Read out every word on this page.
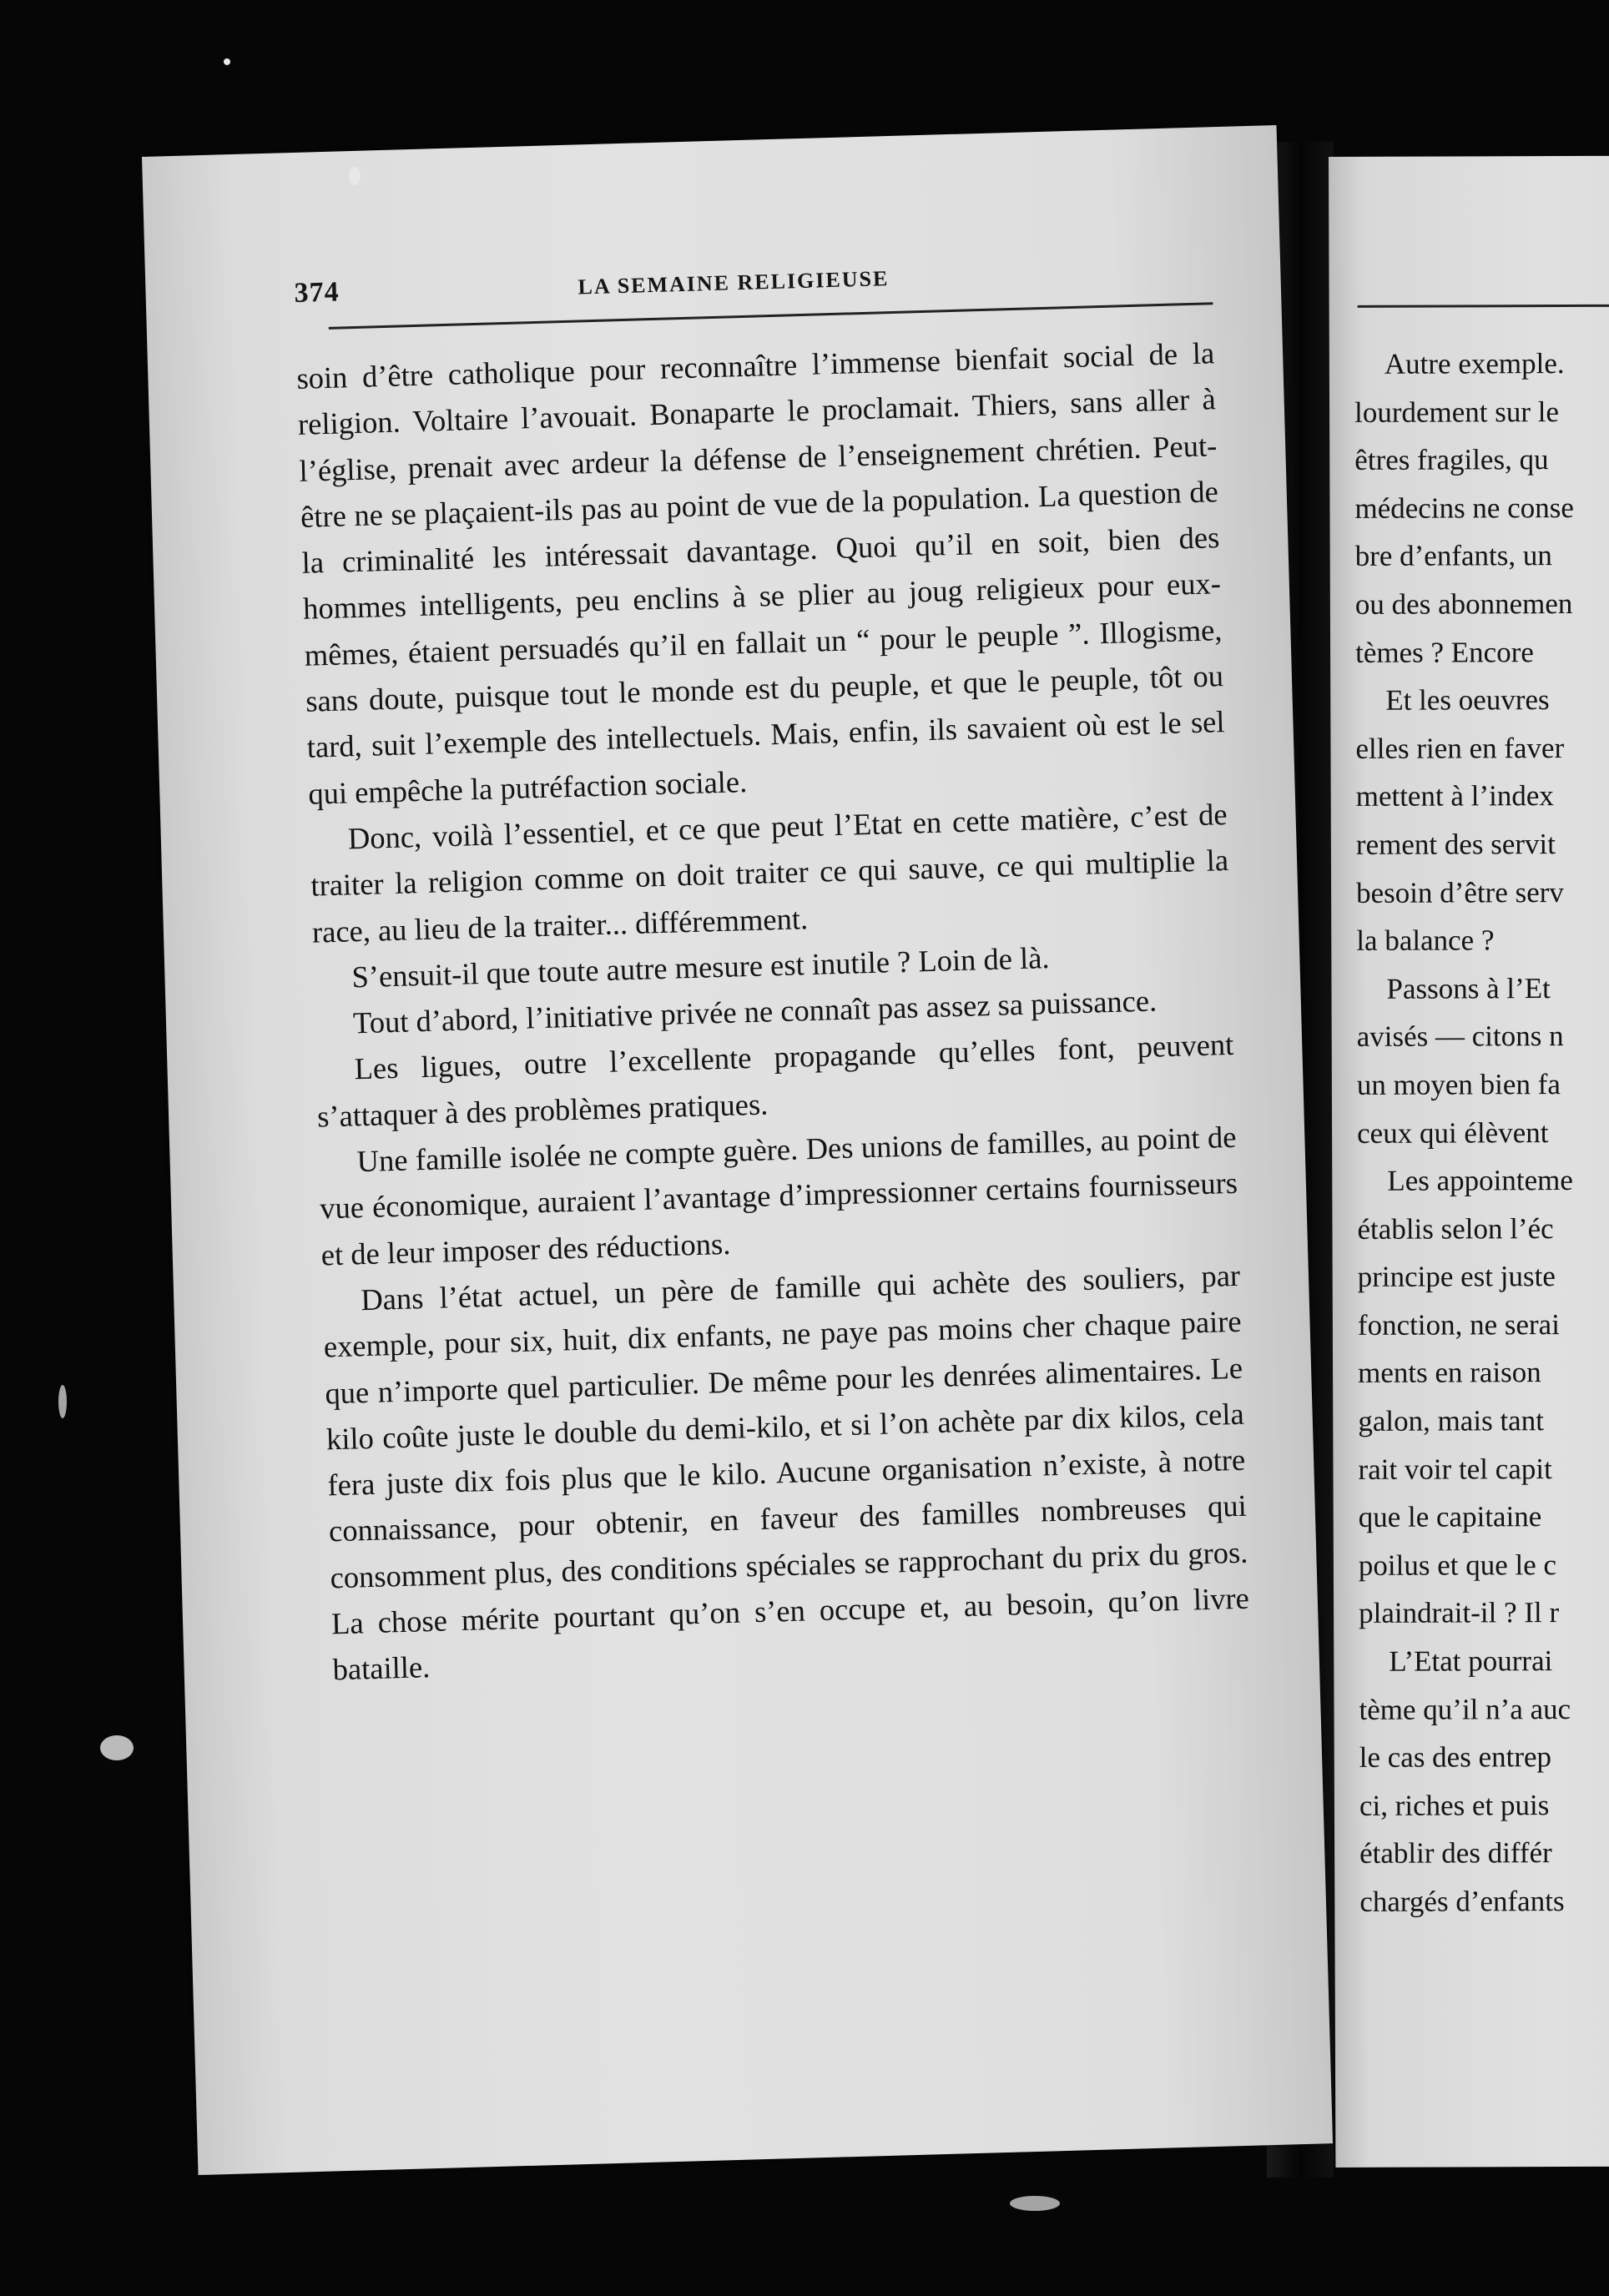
374	LA SEMAINE RELIGIEUSE

soin d’être catholique pour reconnaître l’immense bienfait social de la religion. Voltaire l’avouait. Bonaparte le proclamait. Thiers, sans aller à l’église, prenait avec ardeur la défense de l’enseignement chrétien. Peut-être ne se plaçaient-ils pas au point de vue de la population. La question de la criminalité les intéressait davantage. Quoi qu’il en soit, bien des hommes intelligents, peu enclins à se plier au joug religieux pour eux-mêmes, étaient persuadés qu’il en fallait un “ pour le peuple ”. Illogisme, sans doute, puisque tout le monde est du peuple, et que le peuple, tôt ou tard, suit l’exemple des intellectuels. Mais, enfin, ils savaient où est le sel qui empêche la putréfaction sociale.

Donc, voilà l’essentiel, et ce que peut l’Etat en cette matière, c’est de traiter la religion comme on doit traiter ce qui sauve, ce qui multiplie la race, au lieu de la traiter... différemment.

S’ensuit-il que toute autre mesure est inutile ? Loin de là.

Tout d’abord, l’initiative privée ne connaît pas assez sa puissance.

Les ligues, outre l’excellente propagande qu’elles font, peuvent s’attaquer à des problèmes pratiques.

Une famille isolée ne compte guère. Des unions de familles, au point de vue économique, auraient l’avantage d’impressionner certains fournisseurs et de leur imposer des réductions.

Dans l’état actuel, un père de famille qui achète des souliers, par exemple, pour six, huit, dix enfants, ne paye pas moins cher chaque paire que n’importe quel particulier. De même pour les denrées alimentaires. Le kilo coûte juste le double du demi-kilo, et si l’on achète par dix kilos, cela fera juste dix fois plus que le kilo. Aucune organisation n’existe, à notre connaissance, pour obtenir, en faveur des familles nombreuses qui consomment plus, des conditions spéciales se rapprochant du prix du gros. La chose mérite pourtant qu’on s’en occupe et, au besoin, qu’on livre bataille.

Autre exemple.
lourdement sur le
êtres fragiles, qu
médecins ne conse
bre d’enfants, un
ou des abonnemen
tèmes ? Encore
Et les oeuvres
elles rien en faver
mettent à l’index
rement des servit
besoin d’être serv
la balance ?
Passons à l’Et
avisés — citons n
un moyen bien fa
ceux qui élèvent
Les appointeme
établis selon l’éc
principe est juste
fonction, ne serai
ments en raison
galon, mais tant
rait voir tel capit
que le capitaine
poilus et que le c
plaindrait-il ? Il r
L’Etat pourrai
tème qu’il n’a auc
le cas des entrep
ci, riches et puis
établir des différ
chargés d’enfants
